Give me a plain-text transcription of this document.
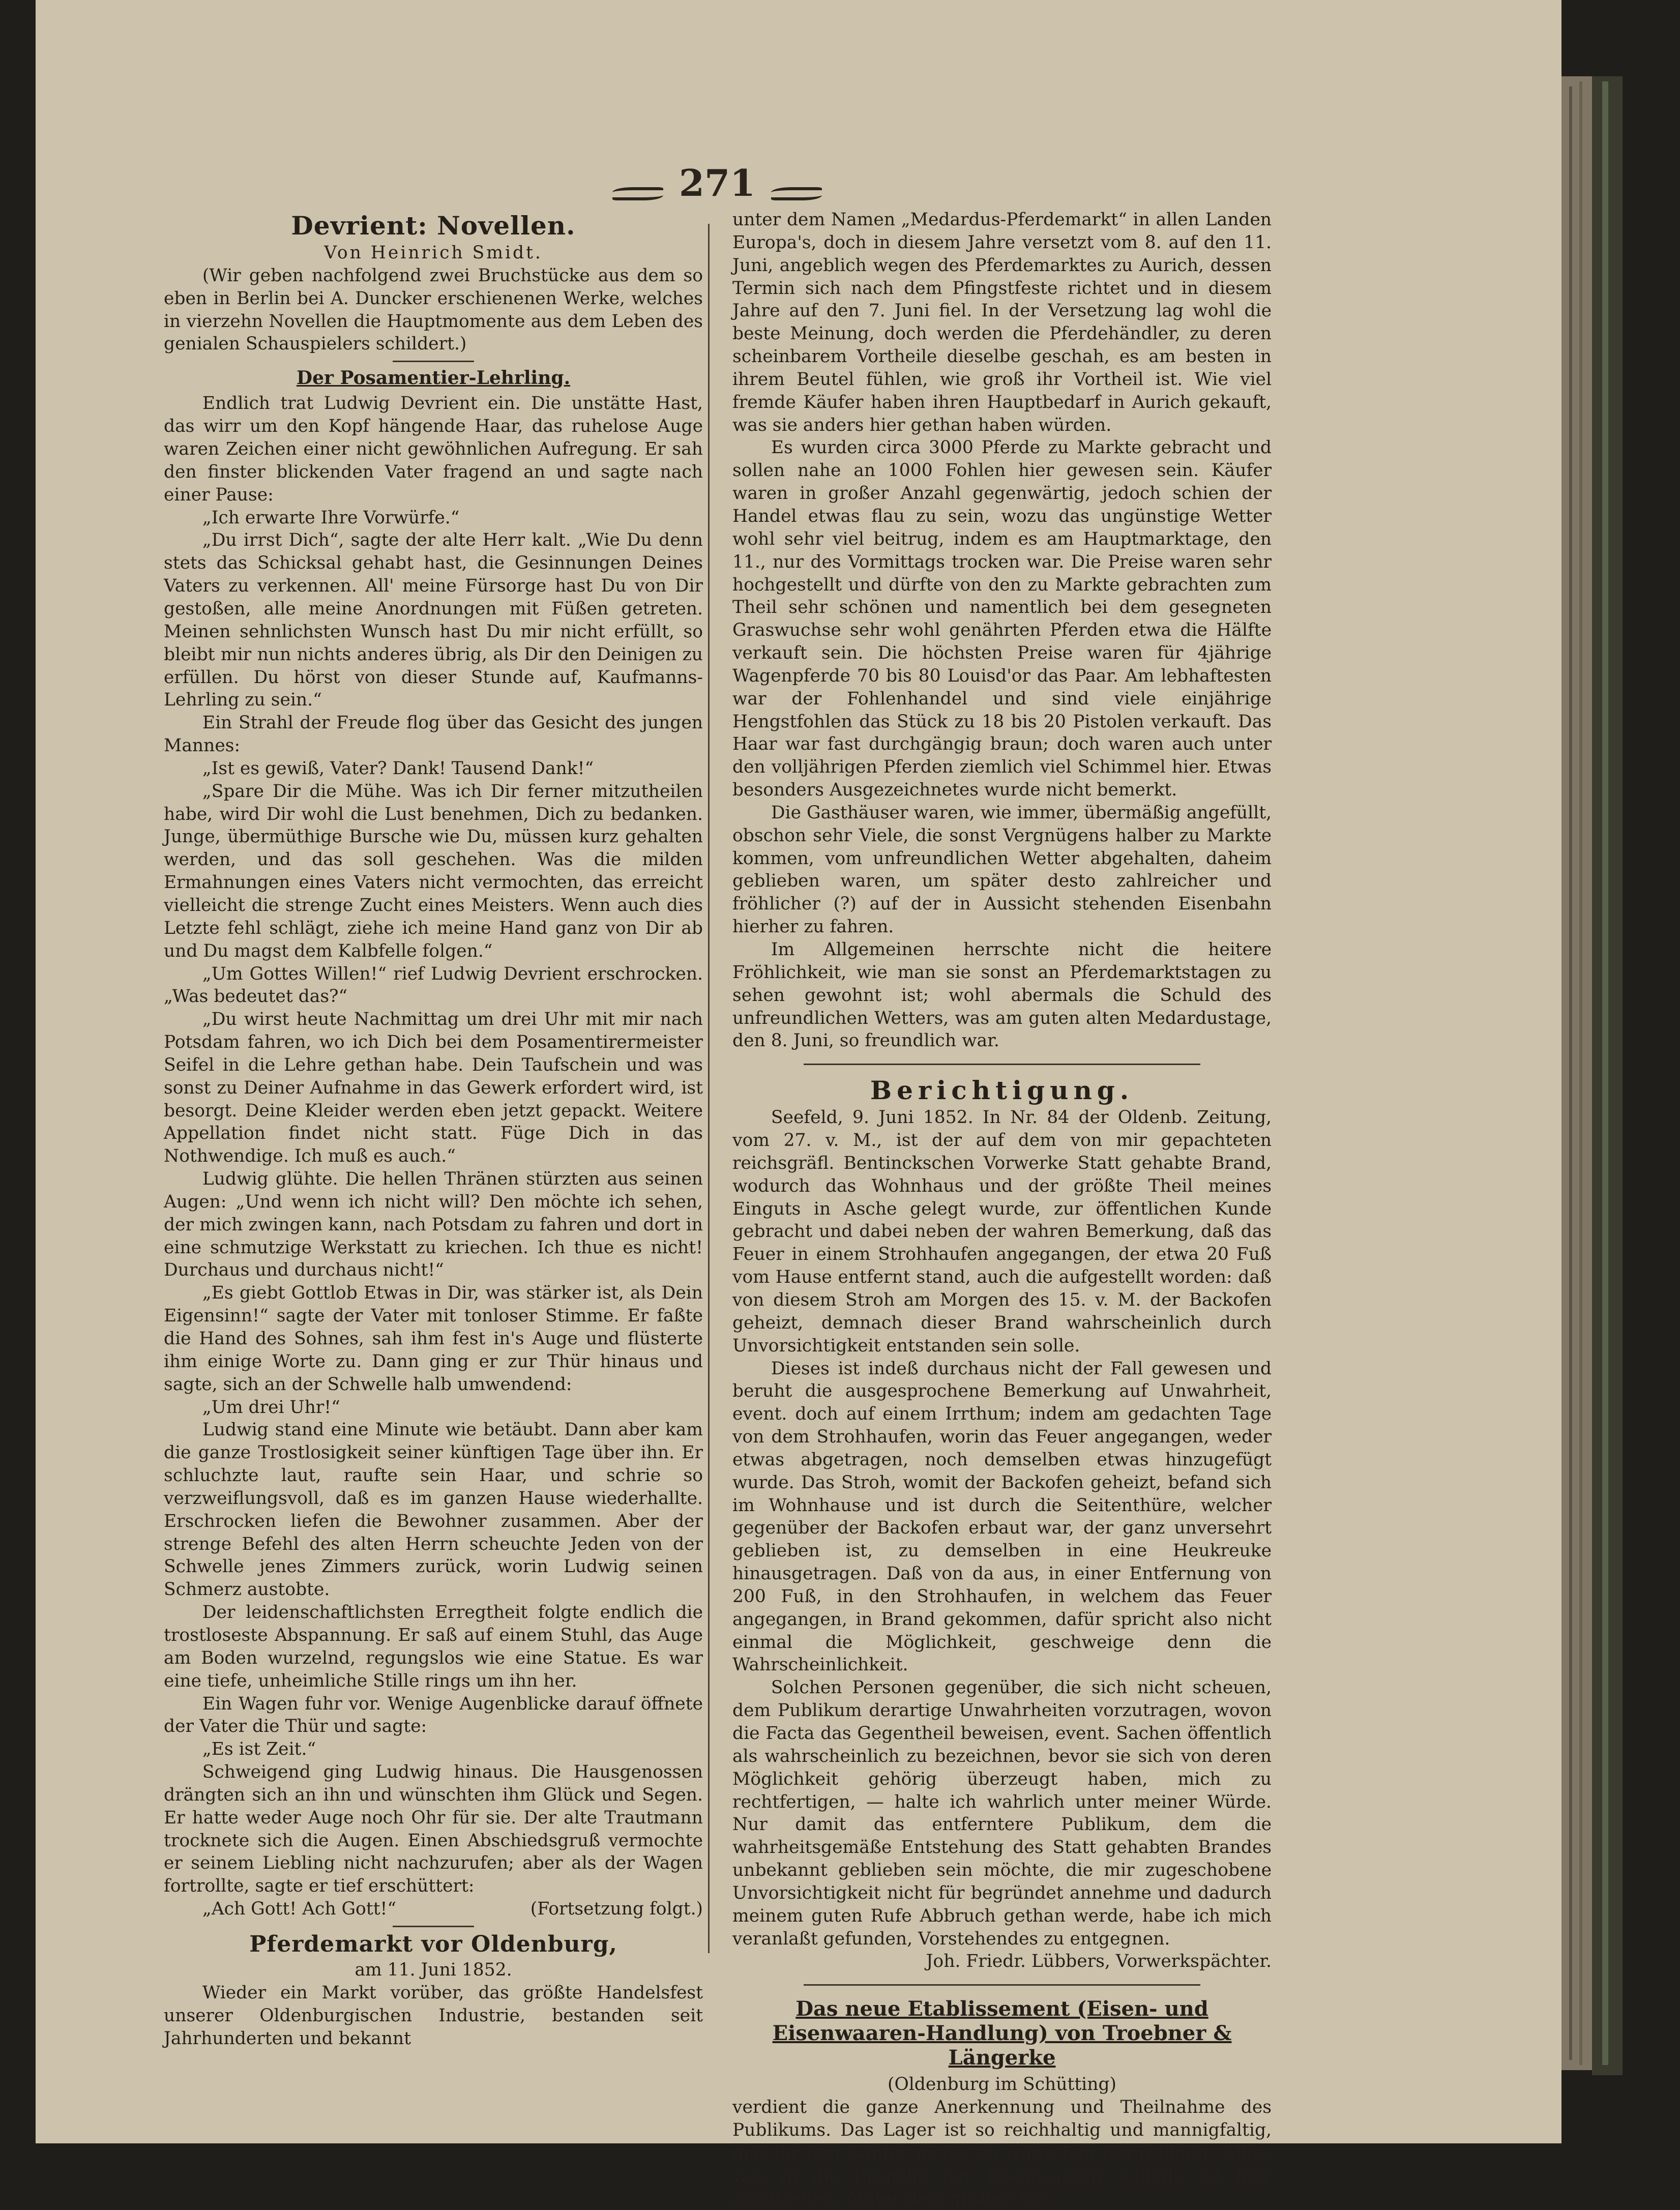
271
Devrient: Novellen.

Von Heinrich Smidt.

(Wir geben nachfolgend zwei Bruchstücke aus dem so eben in Berlin bei A. Duncker erschienenen Werke, welches in vierzehn Novellen die Hauptmomente aus dem Leben des genialen Schauspielers schildert.)

Der Posamentier-Lehrling.

Endlich trat Ludwig Devrient ein. Die unstätte Hast, das wirr um den Kopf hängende Haar, das ruhelose Auge waren Zeichen einer nicht gewöhnlichen Aufregung. Er sah den finster blickenden Vater fragend an und sagte nach einer Pause:

„Ich erwarte Ihre Vorwürfe.“

„Du irrst Dich“, sagte der alte Herr kalt. „Wie Du denn stets das Schicksal gehabt hast, die Gesinnungen Deines Vaters zu verkennen. All' meine Fürsorge hast Du von Dir gestoßen, alle meine Anordnungen mit Füßen getreten. Meinen sehnlichsten Wunsch hast Du mir nicht erfüllt, so bleibt mir nun nichts anderes übrig, als Dir den Deinigen zu erfüllen. Du hörst von dieser Stunde auf, Kaufmanns-Lehrling zu sein.“

Ein Strahl der Freude flog über das Gesicht des jungen Mannes:

„Ist es gewiß, Vater? Dank! Tausend Dank!“

„Spare Dir die Mühe. Was ich Dir ferner mitzutheilen habe, wird Dir wohl die Lust benehmen, Dich zu bedanken. Junge, übermüthige Bursche wie Du, müssen kurz gehalten werden, und das soll geschehen. Was die milden Ermahnungen eines Vaters nicht vermochten, das erreicht vielleicht die strenge Zucht eines Meisters. Wenn auch dies Letzte fehl schlägt, ziehe ich meine Hand ganz von Dir ab und Du magst dem Kalbfelle folgen.“

„Um Gottes Willen!“ rief Ludwig Devrient erschrocken. „Was bedeutet das?“

„Du wirst heute Nachmittag um drei Uhr mit mir nach Potsdam fahren, wo ich Dich bei dem Posamentirermeister Seifel in die Lehre gethan habe. Dein Taufschein und was sonst zu Deiner Aufnahme in das Gewerk erfordert wird, ist besorgt. Deine Kleider werden eben jetzt gepackt. Weitere Appellation findet nicht statt. Füge Dich in das Nothwendige. Ich muß es auch.“

Ludwig glühte. Die hellen Thränen stürzten aus seinen Augen: „Und wenn ich nicht will? Den möchte ich sehen, der mich zwingen kann, nach Potsdam zu fahren und dort in eine schmutzige Werkstatt zu kriechen. Ich thue es nicht! Durchaus und durchaus nicht!“

„Es giebt Gottlob Etwas in Dir, was stärker ist, als Dein Eigensinn!“ sagte der Vater mit tonloser Stimme. Er faßte die Hand des Sohnes, sah ihm fest in's Auge und flüsterte ihm einige Worte zu. Dann ging er zur Thür hinaus und sagte, sich an der Schwelle halb umwendend:

„Um drei Uhr!“

Ludwig stand eine Minute wie betäubt. Dann aber kam die ganze Trostlosigkeit seiner künftigen Tage über ihn. Er schluchzte laut, raufte sein Haar, und schrie so verzweiflungsvoll, daß es im ganzen Hause wiederhallte. Erschrocken liefen die Bewohner zusammen. Aber der strenge Befehl des alten Herrn scheuchte Jeden von der Schwelle jenes Zimmers zurück, worin Ludwig seinen Schmerz austobte.

Der leidenschaftlichsten Erregtheit folgte endlich die trostloseste Abspannung. Er saß auf einem Stuhl, das Auge am Boden wurzelnd, regungslos wie eine Statue. Es war eine tiefe, unheimliche Stille rings um ihn her.

Ein Wagen fuhr vor. Wenige Augenblicke darauf öffnete der Vater die Thür und sagte:

„Es ist Zeit.“

Schweigend ging Ludwig hinaus. Die Hausgenossen drängten sich an ihn und wünschten ihm Glück und Segen. Er hatte weder Auge noch Ohr für sie. Der alte Trautmann trocknete sich die Augen. Einen Abschiedsgruß vermochte er seinem Liebling nicht nachzurufen; aber als der Wagen fortrollte, sagte er tief erschüttert:

„Ach Gott! Ach Gott!“	(Fortsetzung folgt.)
Pferdemarkt vor Oldenburg,

am 11. Juni 1852.

Wieder ein Markt vorüber, das größte Handelsfest unserer Oldenburgischen Industrie, bestanden seit Jahrhunderten und bekannt

unter dem Namen „Medardus-Pferdemarkt“ in allen Landen Europa's, doch in diesem Jahre versetzt vom 8. auf den 11. Juni, angeblich wegen des Pferdemarktes zu Aurich, dessen Termin sich nach dem Pfingstfeste richtet und in diesem Jahre auf den 7. Juni fiel. In der Versetzung lag wohl die beste Meinung, doch werden die Pferdehändler, zu deren scheinbarem Vortheile dieselbe geschah, es am besten in ihrem Beutel fühlen, wie groß ihr Vortheil ist. Wie viel fremde Käufer haben ihren Hauptbedarf in Aurich gekauft, was sie anders hier gethan haben würden.

Es wurden circa 3000 Pferde zu Markte gebracht und sollen nahe an 1000 Fohlen hier gewesen sein. Käufer waren in großer Anzahl gegenwärtig, jedoch schien der Handel etwas flau zu sein, wozu das ungünstige Wetter wohl sehr viel beitrug, indem es am Hauptmarktage, den 11., nur des Vormittags trocken war. Die Preise waren sehr hochgestellt und dürfte von den zu Markte gebrachten zum Theil sehr schönen und namentlich bei dem gesegneten Graswuchse sehr wohl genährten Pferden etwa die Hälfte verkauft sein. Die höchsten Preise waren für 4jährige Wagenpferde 70 bis 80 Louisd'or das Paar. Am lebhaftesten war der Fohlenhandel und sind viele einjährige Hengstfohlen das Stück zu 18 bis 20 Pistolen verkauft. Das Haar war fast durchgängig braun; doch waren auch unter den volljährigen Pferden ziemlich viel Schimmel hier. Etwas besonders Ausgezeichnetes wurde nicht bemerkt.

Die Gasthäuser waren, wie immer, übermäßig angefüllt, obschon sehr Viele, die sonst Vergnügens halber zu Markte kommen, vom unfreundlichen Wetter abgehalten, daheim geblieben waren, um später desto zahlreicher und fröhlicher (?) auf der in Aussicht stehenden Eisenbahn hierher zu fahren.

Im Allgemeinen herrschte nicht die heitere Fröhlichkeit, wie man sie sonst an Pferdemarktstagen zu sehen gewohnt ist; wohl abermals die Schuld des unfreundlichen Wetters, was am guten alten Medardustage, den 8. Juni, so freundlich war.

Berichtigung.

Seefeld, 9. Juni 1852. In Nr. 84 der Oldenb. Zeitung, vom 27. v. M., ist der auf dem von mir gepachteten reichsgräfl. Bentinckschen Vorwerke Statt gehabte Brand, wodurch das Wohnhaus und der größte Theil meines Einguts in Asche gelegt wurde, zur öffentlichen Kunde gebracht und dabei neben der wahren Bemerkung, daß das Feuer in einem Strohhaufen angegangen, der etwa 20 Fuß vom Hause entfernt stand, auch die aufgestellt worden: daß von diesem Stroh am Morgen des 15. v. M. der Backofen geheizt, demnach dieser Brand wahrscheinlich durch Unvorsichtigkeit entstanden sein solle.

Dieses ist indeß durchaus nicht der Fall gewesen und beruht die ausgesprochene Bemerkung auf Unwahrheit, event. doch auf einem Irrthum; indem am gedachten Tage von dem Strohhaufen, worin das Feuer angegangen, weder etwas abgetragen, noch demselben etwas hinzugefügt wurde. Das Stroh, womit der Backofen geheizt, befand sich im Wohnhause und ist durch die Seitenthüre, welcher gegenüber der Backofen erbaut war, der ganz unversehrt geblieben ist, zu demselben in eine Heukreuke hinausgetragen. Daß von da aus, in einer Entfernung von 200 Fuß, in den Strohhaufen, in welchem das Feuer angegangen, in Brand gekommen, dafür spricht also nicht einmal die Möglichkeit, geschweige denn die Wahrscheinlichkeit.

Solchen Personen gegenüber, die sich nicht scheuen, dem Publikum derartige Unwahrheiten vorzutragen, wovon die Facta das Gegentheil beweisen, event. Sachen öffentlich als wahrscheinlich zu bezeichnen, bevor sie sich von deren Möglichkeit gehörig überzeugt haben, mich zu rechtfertigen, — halte ich wahrlich unter meiner Würde. Nur damit das entferntere Publikum, dem die wahrheitsgemäße Entstehung des Statt gehabten Brandes unbekannt geblieben sein möchte, die mir zugeschobene Unvorsichtigkeit nicht für begründet annehme und dadurch meinem guten Rufe Abbruch gethan werde, habe ich mich veranlaßt gefunden, Vorstehendes zu entgegnen.

Joh. Friedr. Lübbers, Vorwerkspächter.

Das neue Etablissement (Eisen- und Eisenwaaren-Handlung) von Troebner & Längerke

(Oldenburg im Schütting)

verdient die ganze Anerkennung und Theilnahme des Publikums. Das Lager ist so reichhaltig und mannigfaltig, daß für den Käufer nichts zu wünschen übrig bleibt. Alles, was in die Branche der Eisenwaaren schlägt, ist hier anzutreffen. Außer dem großen Vor-
